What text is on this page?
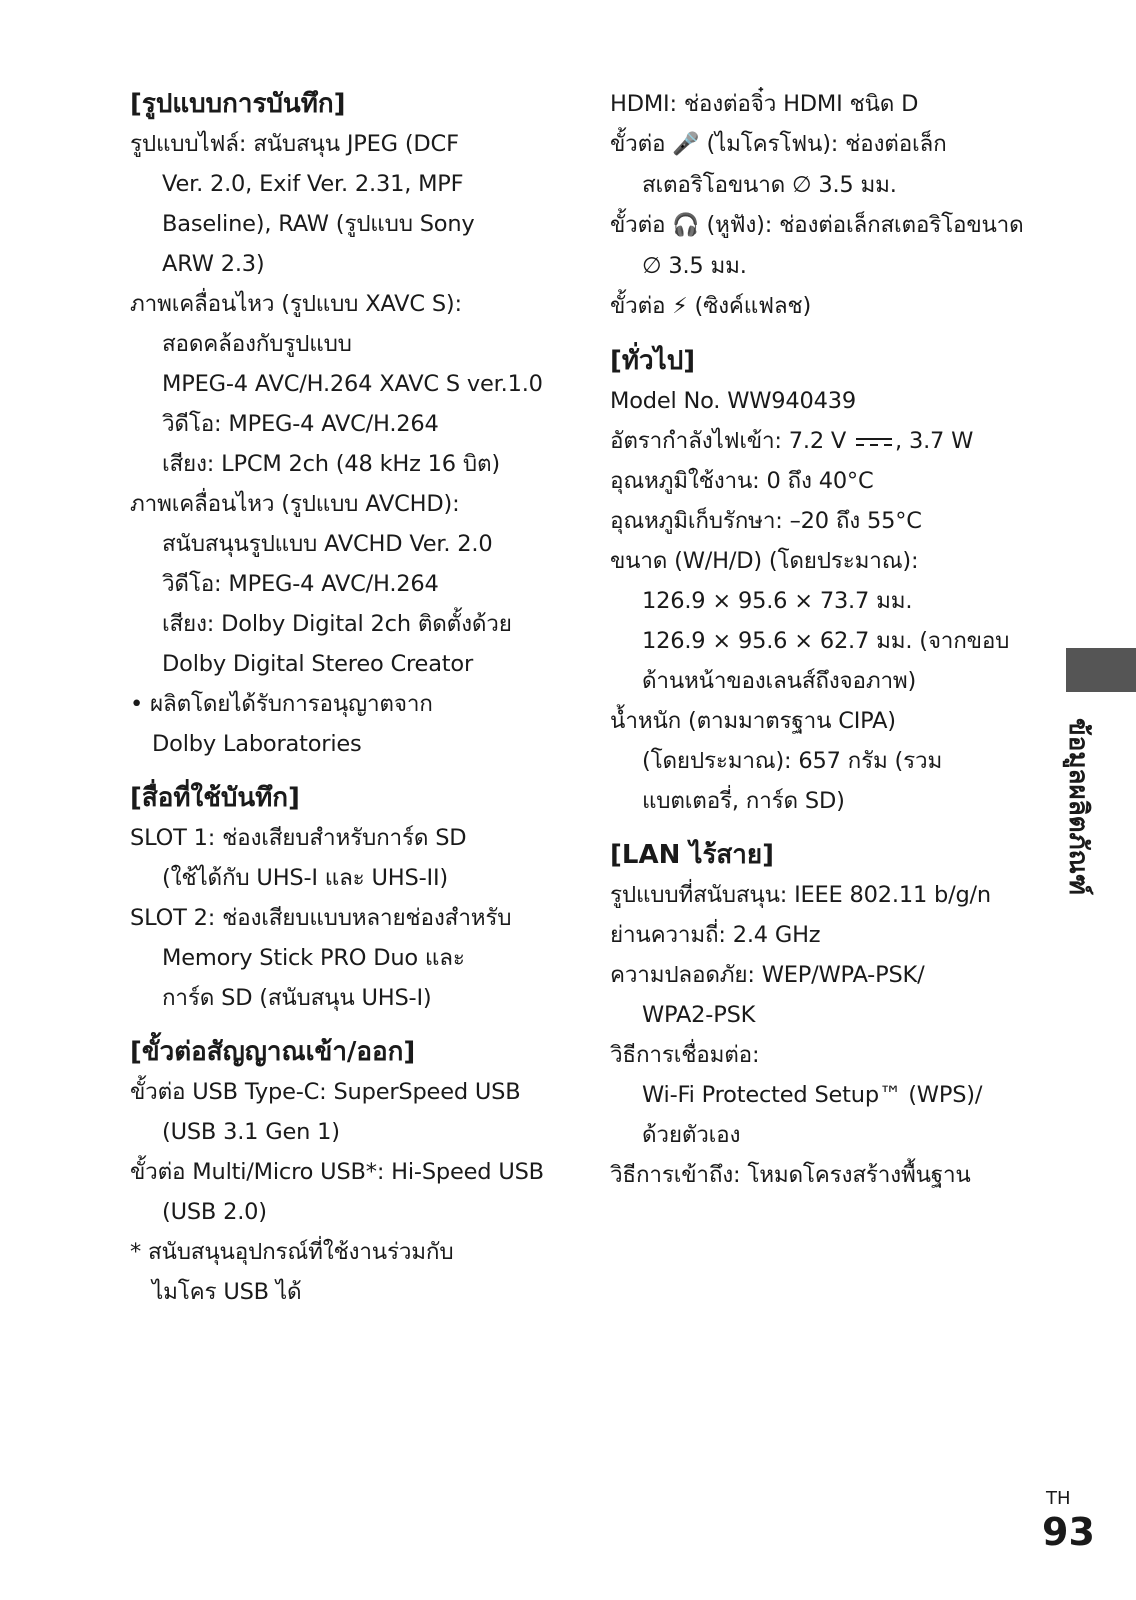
[รูปแบบการบันทึก]
รูปแบบไฟล์: สนับสนุน JPEG (DCF
Ver. 2.0, Exif Ver. 2.31, MPF
Baseline), RAW (รูปแบบ Sony
ARW 2.3)
ภาพเคลื่อนไหว (รูปแบบ XAVC S):
สอดคล้องกับรูปแบบ
MPEG-4 AVC/H.264 XAVC S ver.1.0
วิดีโอ: MPEG-4 AVC/H.264
เสียง: LPCM 2ch (48 kHz 16 บิต)
ภาพเคลื่อนไหว (รูปแบบ AVCHD):
สนับสนุนรูปแบบ AVCHD Ver. 2.0
วิดีโอ: MPEG-4 AVC/H.264
เสียง: Dolby Digital 2ch ติดตั้งด้วย
Dolby Digital Stereo Creator
• ผลิตโดยได้รับการอนุญาตจาก
Dolby Laboratories
[สื่อที่ใช้บันทึก]
SLOT 1: ช่องเสียบสำหรับการ์ด SD
(ใช้ได้กับ UHS-I และ UHS-II)
SLOT 2: ช่องเสียบแบบหลายช่องสำหรับ
Memory Stick PRO Duo และ
การ์ด SD (สนับสนุน UHS-I)
[ขั้วต่อสัญญาณเข้า/ออก]
ขั้วต่อ USB Type-C: SuperSpeed USB
(USB 3.1 Gen 1)
ขั้วต่อ Multi/Micro USB*: Hi-Speed USB
(USB 2.0)
* สนับสนุนอุปกรณ์ที่ใช้งานร่วมกับ
ไมโคร USB ได้
HDMI: ช่องต่อจิ๋ว HDMI ชนิด D
ขั้วต่อ 🎤 (ไมโครโฟน): ช่องต่อเล็ก
สเตอริโอขนาด ∅ 3.5 มม.
ขั้วต่อ 🎧 (หูฟัง): ช่องต่อเล็กสเตอริโอขนาด
∅ 3.5 มม.
ขั้วต่อ ⚡ (ซิงค์แฟลช)
[ทั่วไป]
Model No. WW940439
อัตรากำลังไฟเข้า: 7.2 V , 3.7 W
อุณหภูมิใช้งาน: 0 ถึง 40°C
อุณหภูมิเก็บรักษา: –20 ถึง 55°C
ขนาด (W/H/D) (โดยประมาณ):
126.9 × 95.6 × 73.7 มม.
126.9 × 95.6 × 62.7 มม. (จากขอบ
ด้านหน้าของเลนส์ถึงจอภาพ)
น้ำหนัก (ตามมาตรฐาน CIPA)
(โดยประมาณ): 657 กรัม (รวม
แบตเตอรี่, การ์ด SD)
[LAN ไร้สาย]
รูปแบบที่สนับสนุน: IEEE 802.11 b/g/n
ย่านความถี่: 2.4 GHz
ความปลอดภัย: WEP/WPA-PSK/
WPA2-PSK
วิธีการเชื่อมต่อ:
Wi-Fi Protected Setup™ (WPS)/
ด้วยตัวเอง
วิธีการเข้าถึง: โหมดโครงสร้างพื้นฐาน
ข้อมูลผลิตภัณฑ์
TH
93
